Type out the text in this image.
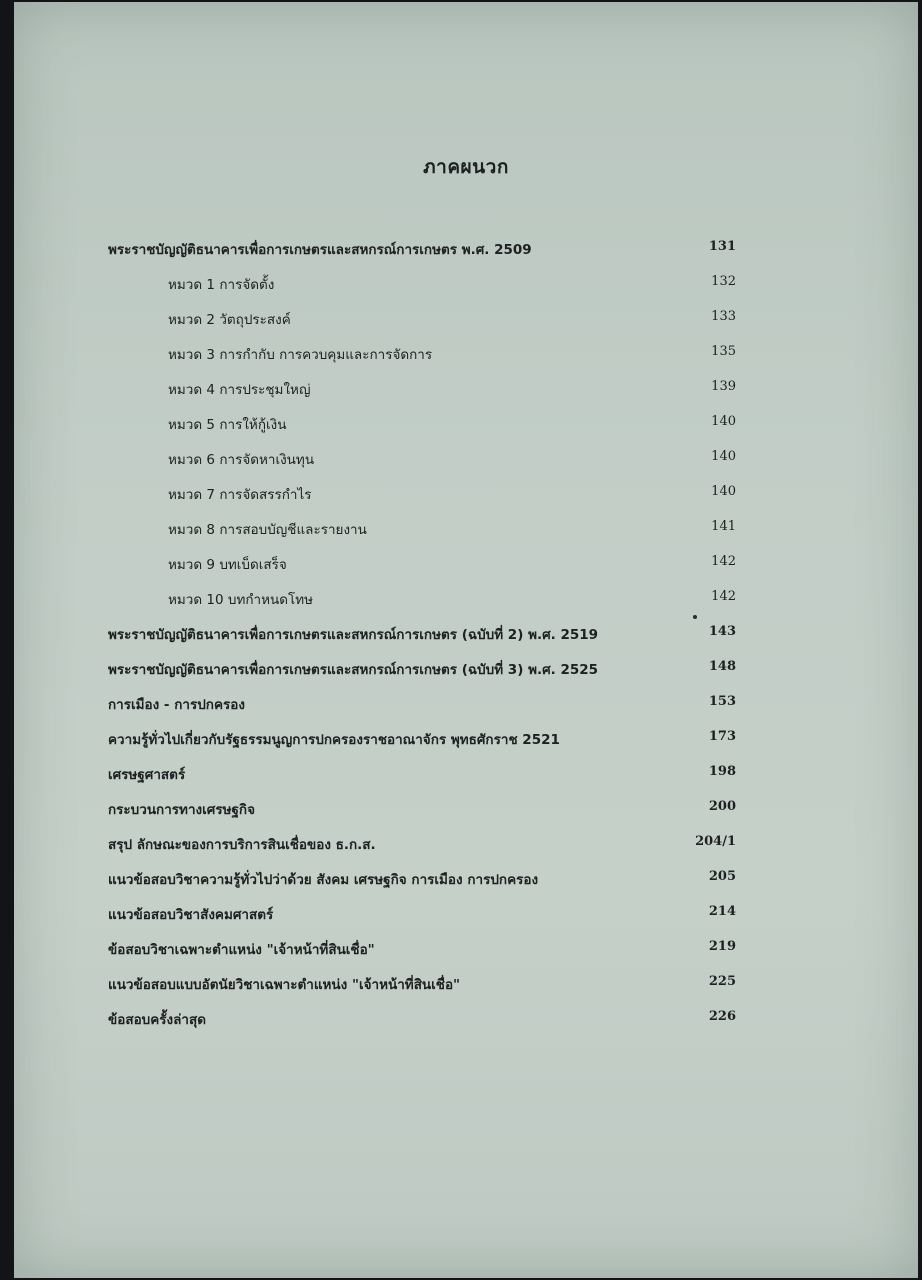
ภาคผนวก
พระราชบัญญัติธนาคารเพื่อการเกษตรและสหกรณ์การเกษตร พ.ศ. 2509	131
หมวด 1 การจัดตั้ง	132
หมวด 2 วัตถุประสงค์	133
หมวด 3 การกำกับ การควบคุมและการจัดการ	135
หมวด 4 การประชุมใหญ่	139
หมวด 5 การให้กู้เงิน	140
หมวด 6 การจัดหาเงินทุน	140
หมวด 7 การจัดสรรกำไร	140
หมวด 8 การสอบบัญชีและรายงาน	141
หมวด 9 บทเบ็ดเสร็จ	142
หมวด 10 บทกำหนดโทษ	142
พระราชบัญญัติธนาคารเพื่อการเกษตรและสหกรณ์การเกษตร (ฉบับที่ 2) พ.ศ. 2519	143
พระราชบัญญัติธนาคารเพื่อการเกษตรและสหกรณ์การเกษตร (ฉบับที่ 3) พ.ศ. 2525	148
การเมือง - การปกครอง	153
ความรู้ทั่วไปเกี่ยวกับรัฐธรรมนูญการปกครองราชอาณาจักร พุทธศักราช 2521	173
เศรษฐศาสตร์	198
กระบวนการทางเศรษฐกิจ	200
สรุป ลักษณะของการบริการสินเชื่อของ ธ.ก.ส.	204/1
แนวข้อสอบวิชาความรู้ทั่วไปว่าด้วย สังคม เศรษฐกิจ การเมือง การปกครอง	205
แนวข้อสอบวิชาสังคมศาสตร์	214
ข้อสอบวิชาเฉพาะตำแหน่ง "เจ้าหน้าที่สินเชื่อ"	219
แนวข้อสอบแบบอัตนัยวิชาเฉพาะตำแหน่ง "เจ้าหน้าที่สินเชื่อ"	225
ข้อสอบครั้งล่าสุด	226
